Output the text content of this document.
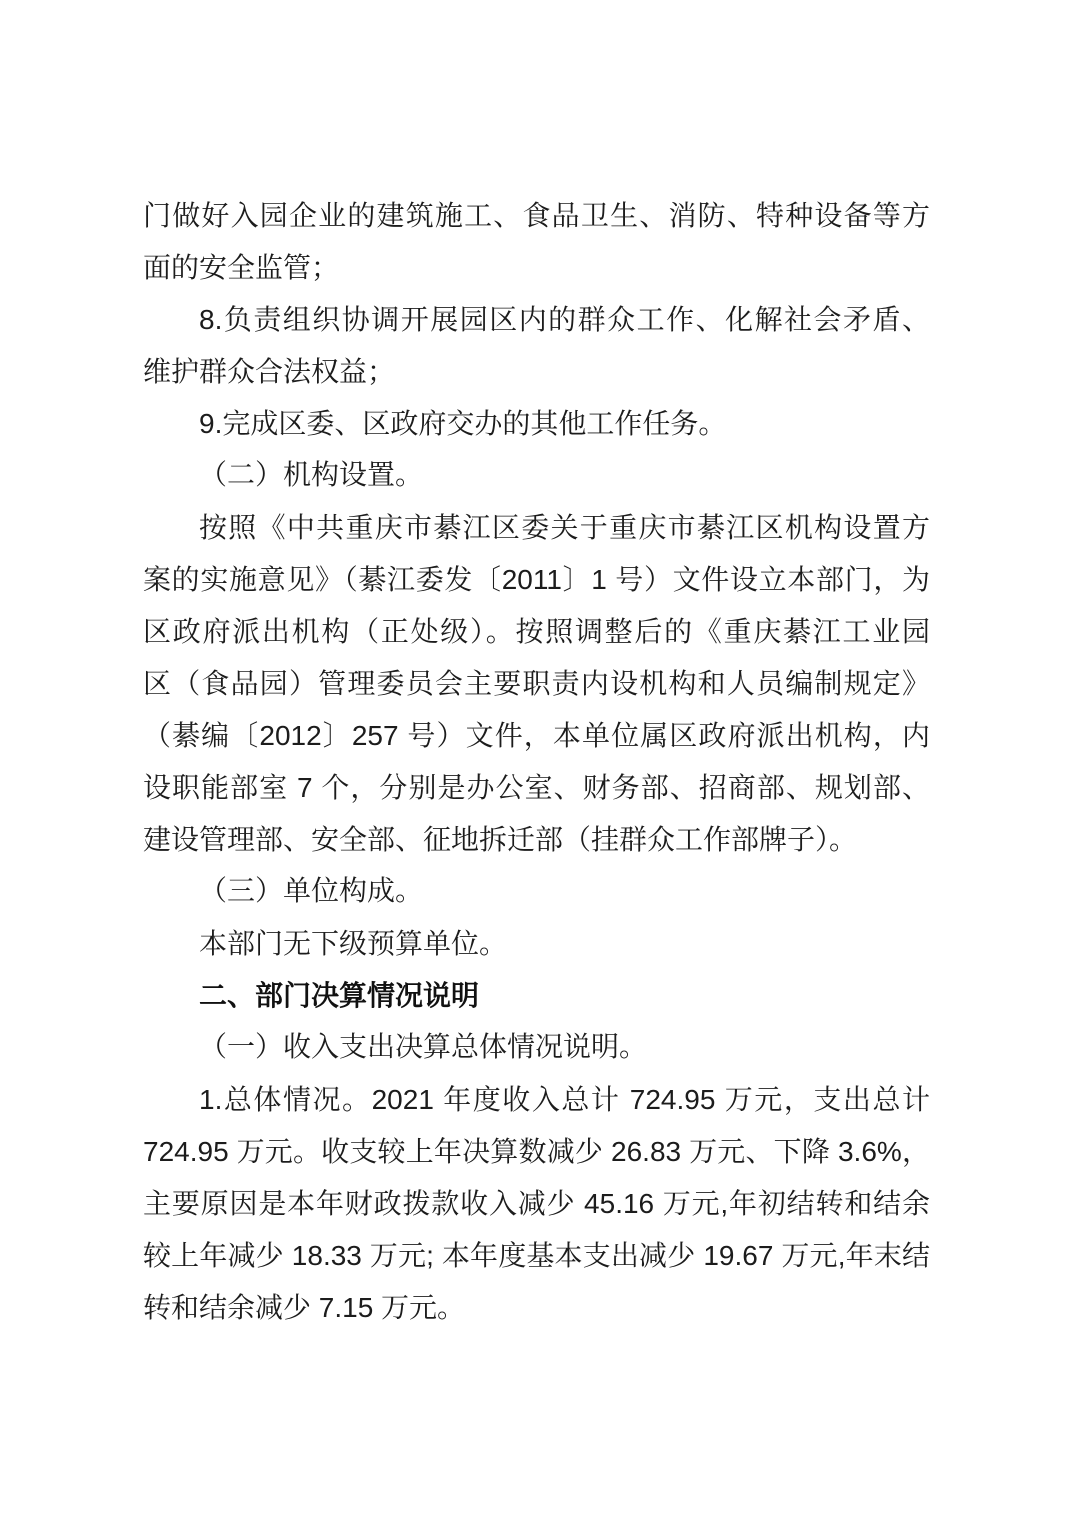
门做好入园企业的建筑施工、食品卫生、消防、特种设备等方
面的安全监管；
8.负责组织协调开展园区内的群众工作、化解社会矛盾、
维护群众合法权益；
9.完成区委、区政府交办的其他工作任务。
（二）机构设置。
按照《中共重庆市綦江区委关于重庆市綦江区机构设置方
案的实施意见》（綦江委发〔2011〕1 号）文件设立本部门，为
区政府派出机构（正处级）。按照调整后的《重庆綦江工业园
区（食品园）管理委员会主要职责内设机构和人员编制规定》
（綦编〔2012〕257 号）文件，本单位属区政府派出机构，内
设职能部室 7 个，分别是办公室、财务部、招商部、规划部、
建设管理部、安全部、征地拆迁部（挂群众工作部牌子）。
（三）单位构成。
本部门无下级预算单位。
二、部门决算情况说明
（一）收入支出决算总体情况说明。
1.总体情况。2021 年度收入总计 724.95 万元，支出总计
724.95 万元。收支较上年决算数减少 26.83 万元、下降 3.6%，
主要原因是本年财政拨款收入减少 45.16 万元,年初结转和结余
较上年减少 18.33 万元; 本年度基本支出减少 19.67 万元,年末结
转和结余减少 7.15 万元。
